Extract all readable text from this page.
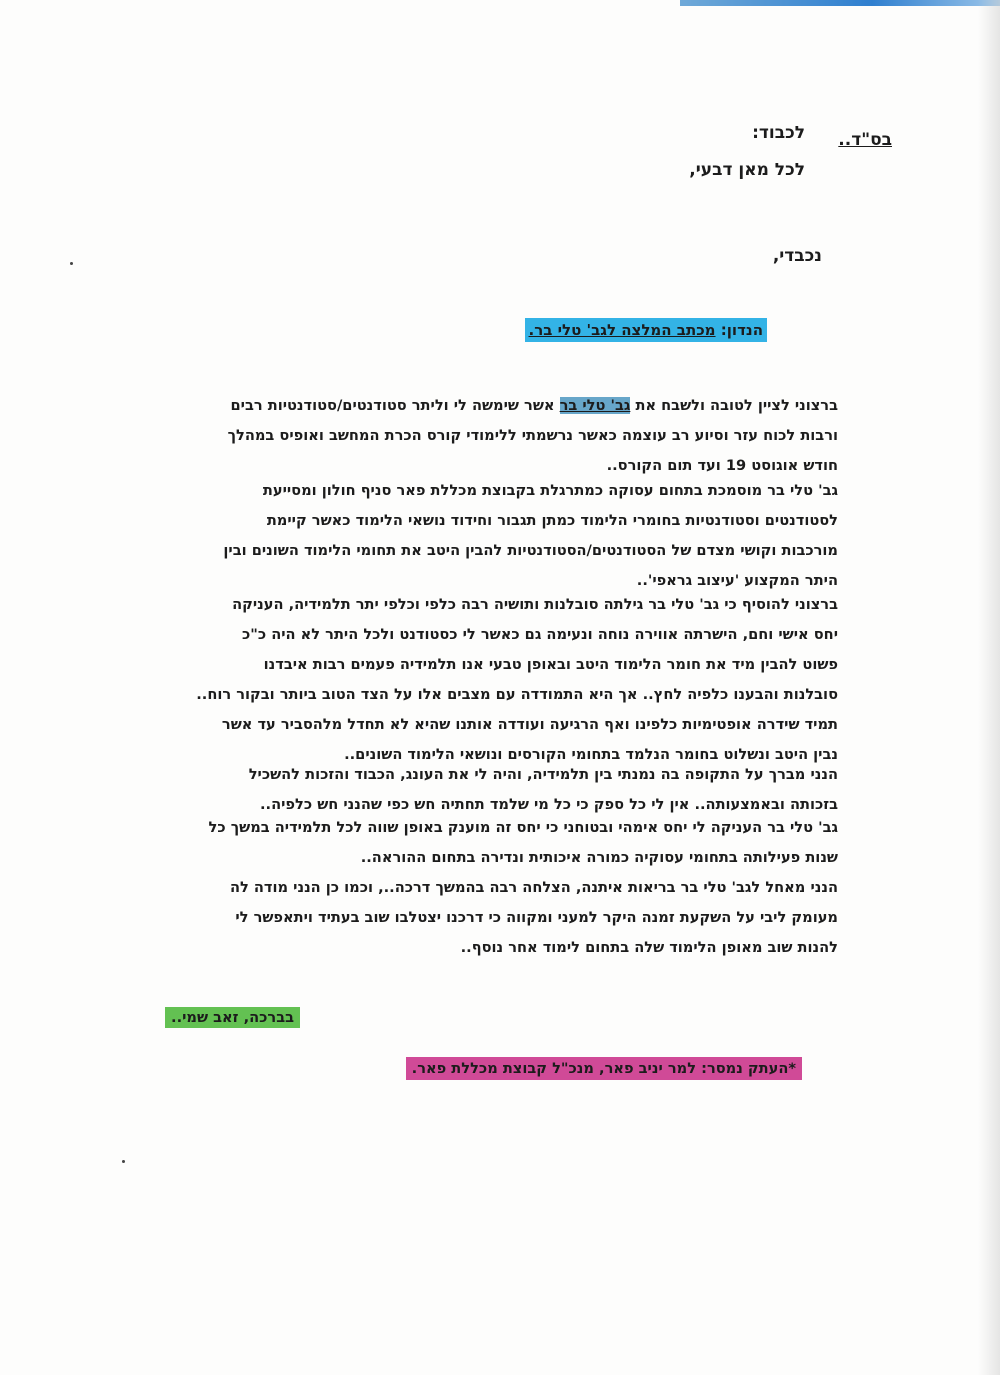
בס"ד..
לכבוד:
לכל מאן דבעי,
נכבדי,
הנדון: מכתב המלצה לגב' טלי בר.
ברצוני לציין לטובה ולשבח את גב' טלי בר אשר שימשה לי וליתר סטודנטים/סטודנטיות רבים
ורבות לכוח עזר וסיוע רב עוצמה כאשר נרשמתי ללימודי קורס הכרת המחשב ואופיס במהלך
חודש אוגוסט 19 ועד תום הקורס..
גב' טלי בר מוסמכת בתחום עסוקה כמתרגלת בקבוצת מכללת פאר סניף חולון ומסייעת
לסטודנטים וסטודנטיות בחומרי הלימוד כמתן תגבור וחידוד נושאי הלימוד כאשר קיימת
מורכבות וקושי מצדם של הסטודנטים/הסטודנטיות להבין היטב את תחומי הלימוד השונים ובין
היתר המקצוע 'עיצוב גראפי'..
ברצוני להוסיף כי גב' טלי בר גילתה סובלנות ותושיה רבה כלפי וכלפי יתר תלמידיה, העניקה
יחס אישי וחם, הישרתה אווירה נוחה ונעימה גם כאשר לי כסטודנט ולכל היתר לא היה כ"כ
פשוט להבין מיד את חומר הלימוד היטב ובאופן טבעי אנו תלמידיה פעמים רבות איבדנו
סובלנות והבענו כלפיה לחץ.. אך היא התמודדה עם מצבים אלו על הצד הטוב ביותר ובקור רוח..
תמיד שידרה אופטימיות כלפינו ואף הרגיעה ועודדה אותנו שהיא לא תחדל מלהסביר עד אשר
נבין היטב ונשלוט בחומר הנלמד בתחומי הקורסים ונושאי הלימוד השונים..
הנני מברך על התקופה בה נמנתי בין תלמידיה, והיה לי את העונג, הכבוד והזכות להשכיל
בזכותה ובאמצעותה.. אין לי כל ספק כי כל מי שלמד תחתיה חש כפי שהנני חש כלפיה..
גב' טלי בר העניקה לי יחס אימהי ובטוחני כי יחס זה מוענק באופן שווה לכל תלמידיה במשך כל
שנות פעילותה בתחומי עסוקיה כמורה איכותית ונדירה בתחום ההוראה..
הנני מאחל לגב' טלי בר בריאות איתנה, הצלחה רבה בהמשך דרכה.., וכמו כן הנני מודה לה
מעומק ליבי על השקעת זמנה היקר למעני ומקווה כי דרכנו יצטלבו שוב בעתיד ויתאפשר לי
להנות שוב מאופן הלימוד שלה בתחום לימוד אחר נוסף..
בברכה, זאב שמי..
*העתק נמסר: למר יניב פאר, מנכ"ל קבוצת מכללת פאר.
